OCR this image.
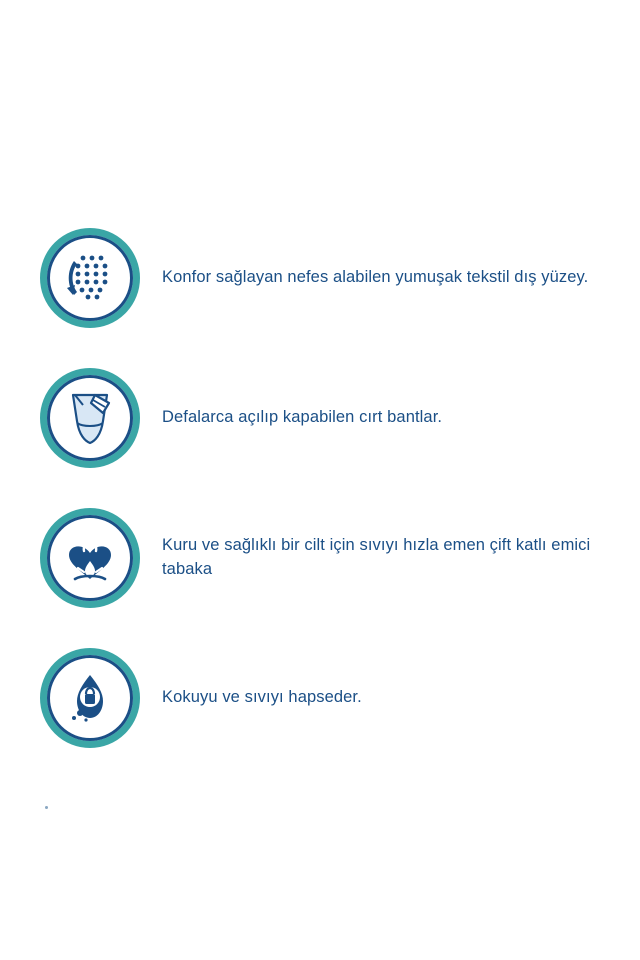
Konfor sağlayan nefes alabilen yumuşak tekstil dış yüzey.
Defalarca açılıp kapabilen cırt bantlar.
Kuru ve sağlıklı bir cilt için sıvıyı hızla emen çift katlı emici tabaka
Kokuyu ve sıvıyı hapseder.
